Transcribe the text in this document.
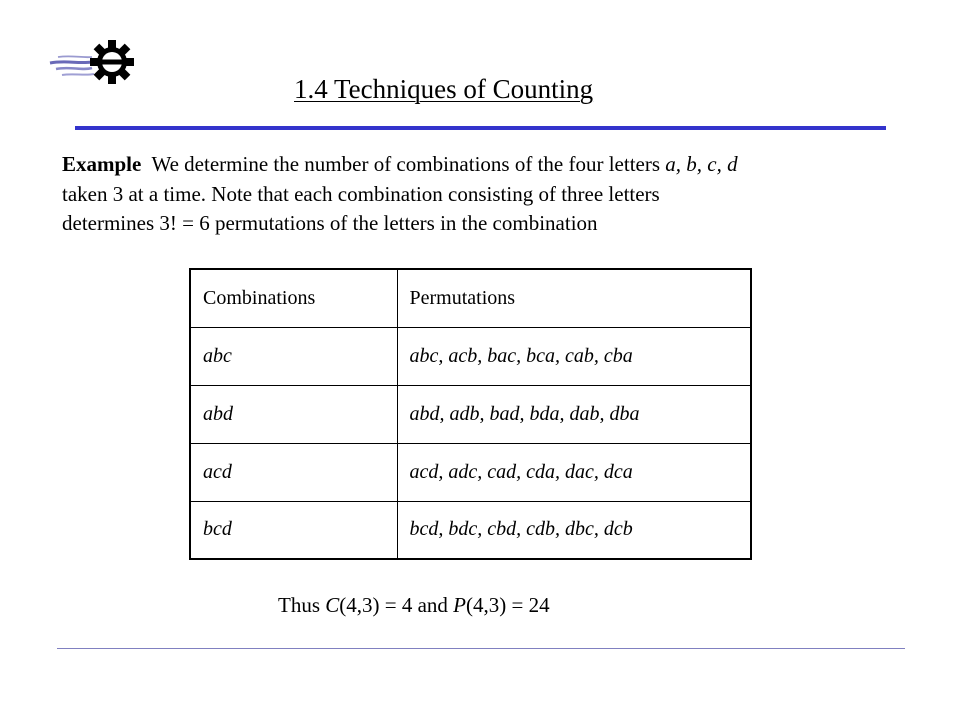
1.4 Techniques of Counting

Example We determine the number of combinations of the four letters a, b, c, d

taken 3 at a time. Note that each combination consisting of three letters

determines 3! = 6 permutations of the letters in the combination

Combinations	Permutations
abc	abc, acb, bac, bca, cab, cba
abd	abd, adb, bad, bda, dab, dba
acd	acd, adc, cad, cda, dac, dca
bcd	bcd, bdc, cbd, cdb, dbc, dcb
Thus C(4,3) = 4 and P(4,3) = 24
